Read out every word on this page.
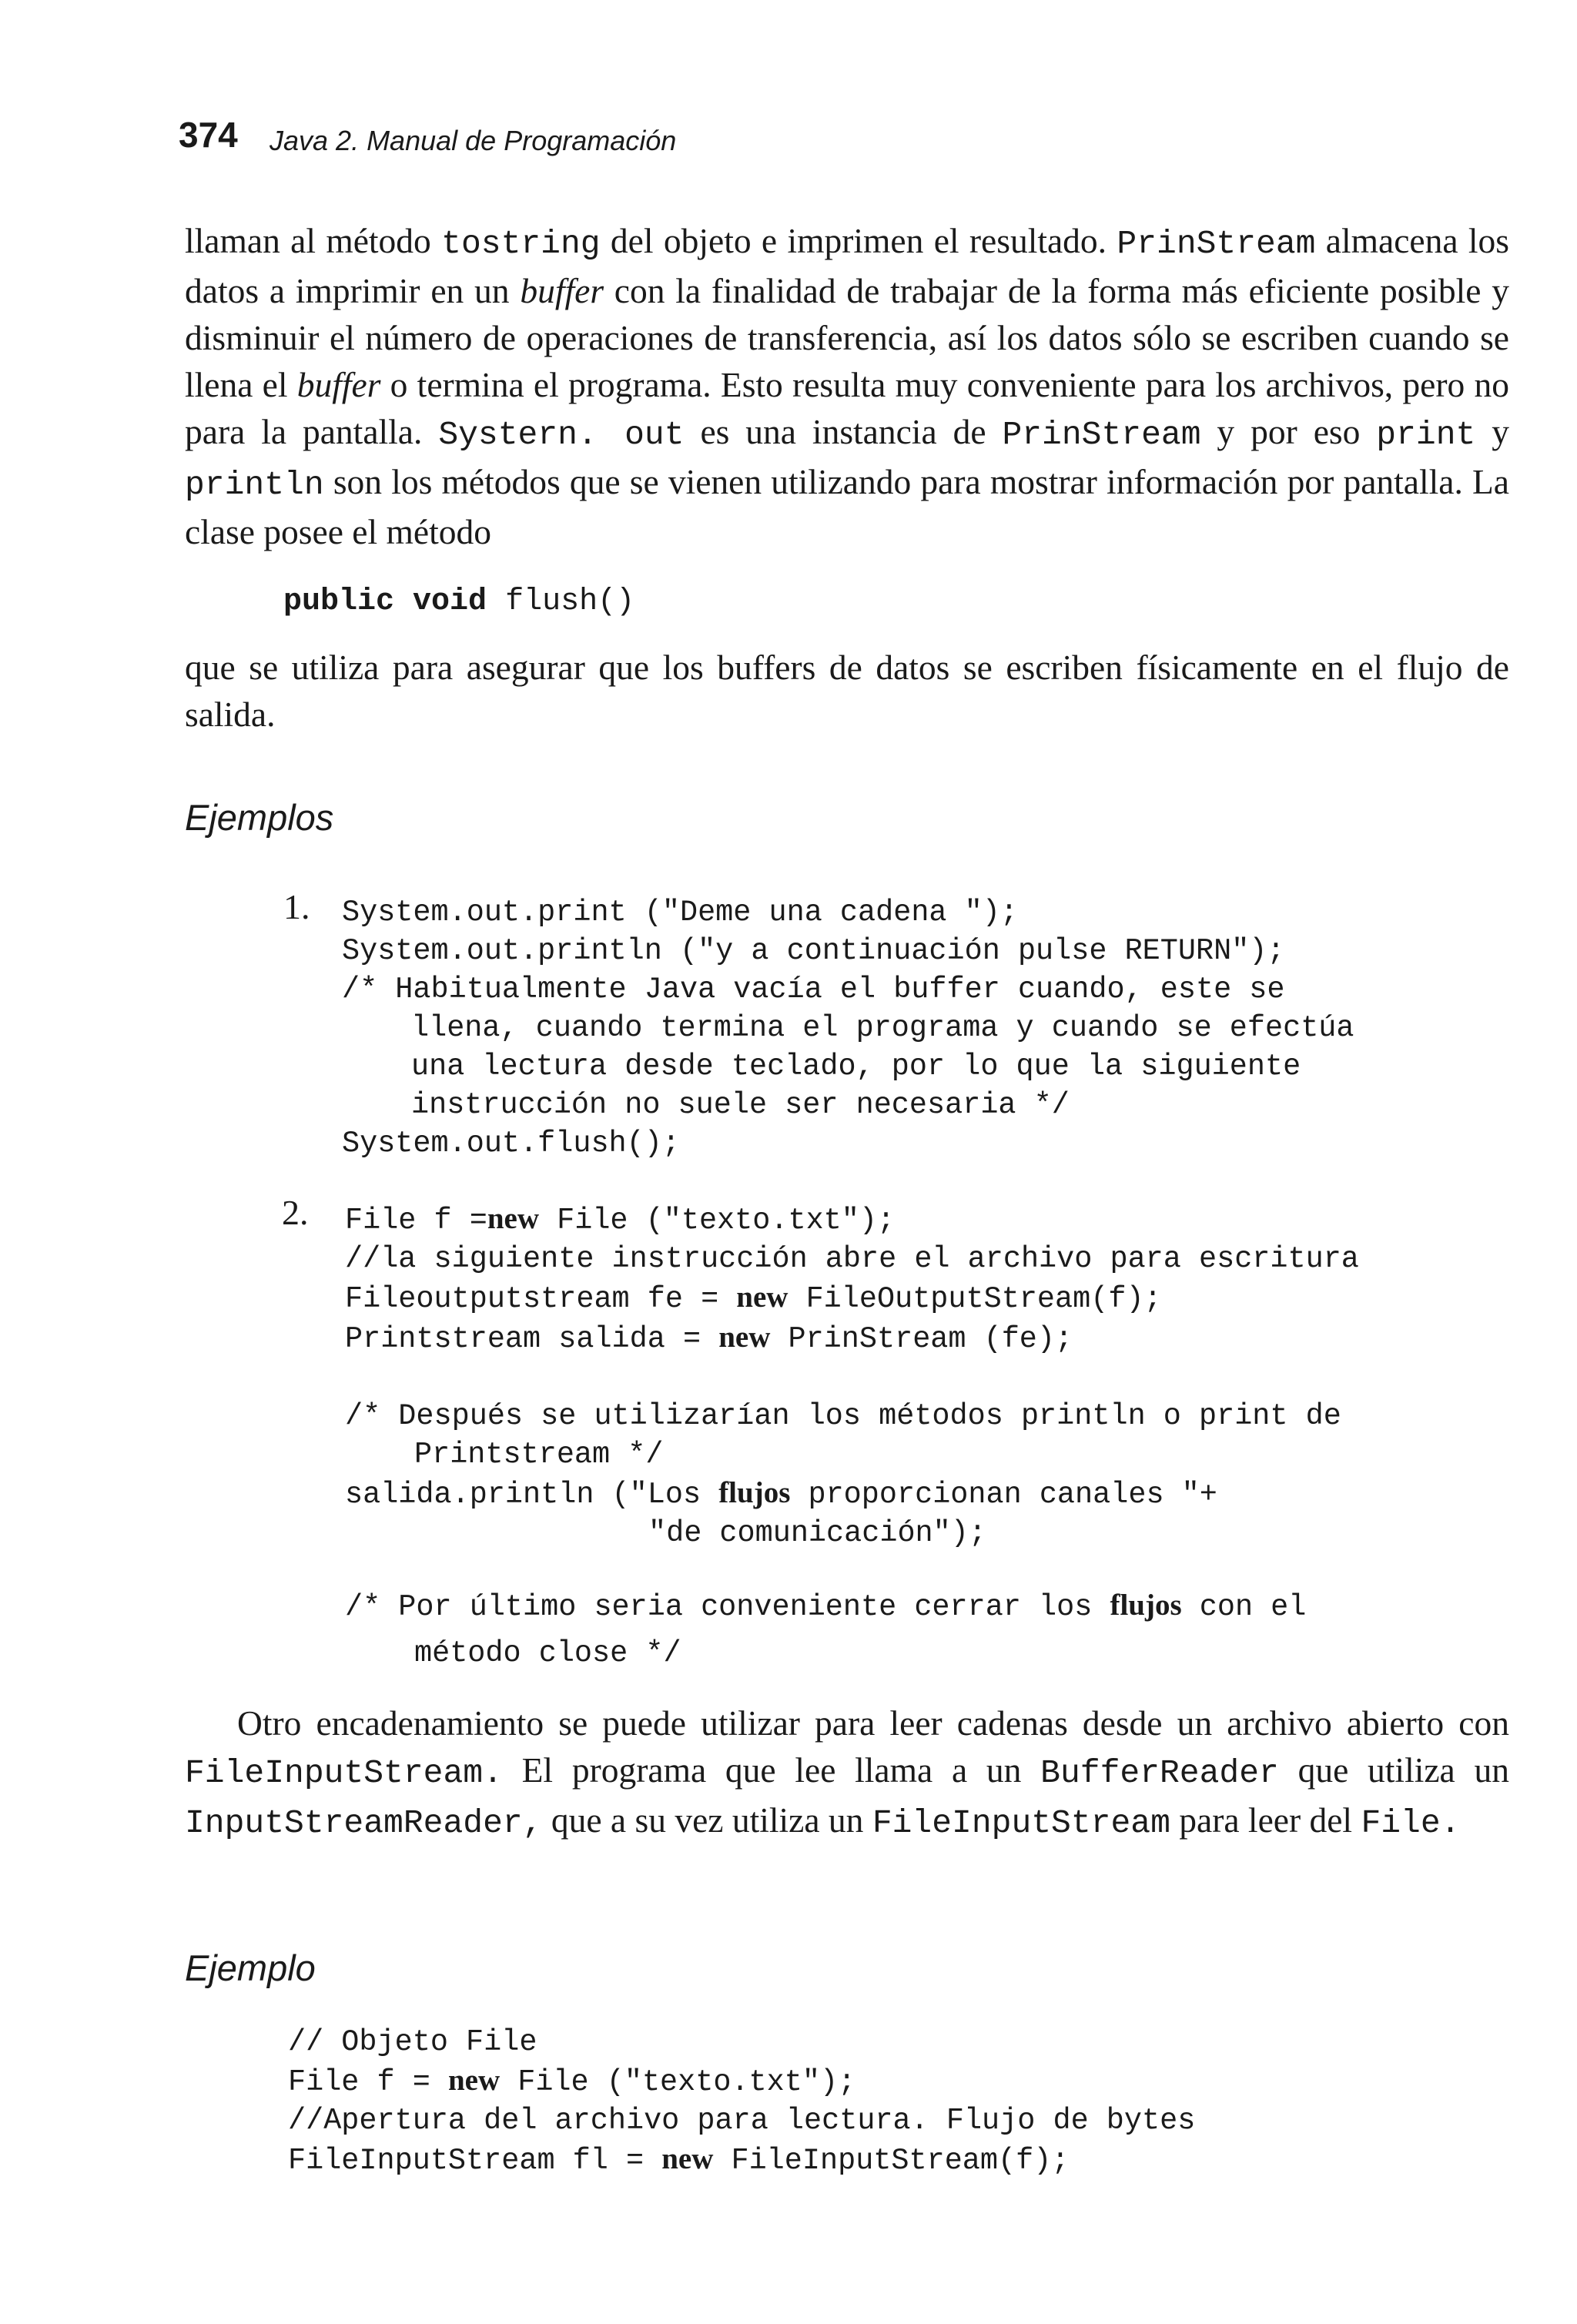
374 Java 2. Manual de Programación
llaman al método tostring del objeto e imprimen el resultado. PrinStream almacena los datos a imprimir en un buffer con la finalidad de trabajar de la forma más eficiente posible y disminuir el número de operaciones de transferencia, así los datos sólo se escriben cuando se llena el buffer o termina el programa. Esto resulta muy conveniente para los archivos, pero no para la pantalla. Systern. out es una instancia de PrinStream y por eso print y println son los métodos que se vienen utilizando para mostrar información por pantalla. La clase posee el método
public void flush()
que se utiliza para asegurar que los buffers de datos se escriben físicamente en el flujo de salida.
Ejemplos
1. System.out.print ("Deme una cadena ");
System.out.println ("y a continuación pulse RETURN");
/* Habitualmente Java vacía el buffer cuando, este se
llena, cuando termina el programa y cuando se efectúa
una lectura desde teclado, por lo que la siguiente
instrucción no suele ser necesaria */
System.out.flush();
2. File f =new File ("texto.txt");
//la siguiente instrucción abre el archivo para escritura
Fileoutputstream fe = new FileOutputStream(f);
Printstream salida = new PrinStream (fe);
/* Después se utilizarían los métodos println o print de
Printstream */
salida.println ("Los flujos proporcionan canales "+
"de comunicación");
/* Por último seria conveniente cerrar los flujos con el
método close */
Otro encadenamiento se puede utilizar para leer cadenas desde un archivo abierto con FileInputStream. El programa que lee llama a un BufferReader que utiliza un InputStreamReader, que a su vez utiliza un FileInputStream para leer del File.
Ejemplo
// Objeto File
File f = new File ("texto.txt");
//Apertura del archivo para lectura. Flujo de bytes
FileInputStream fl = new FileInputStream(f);
